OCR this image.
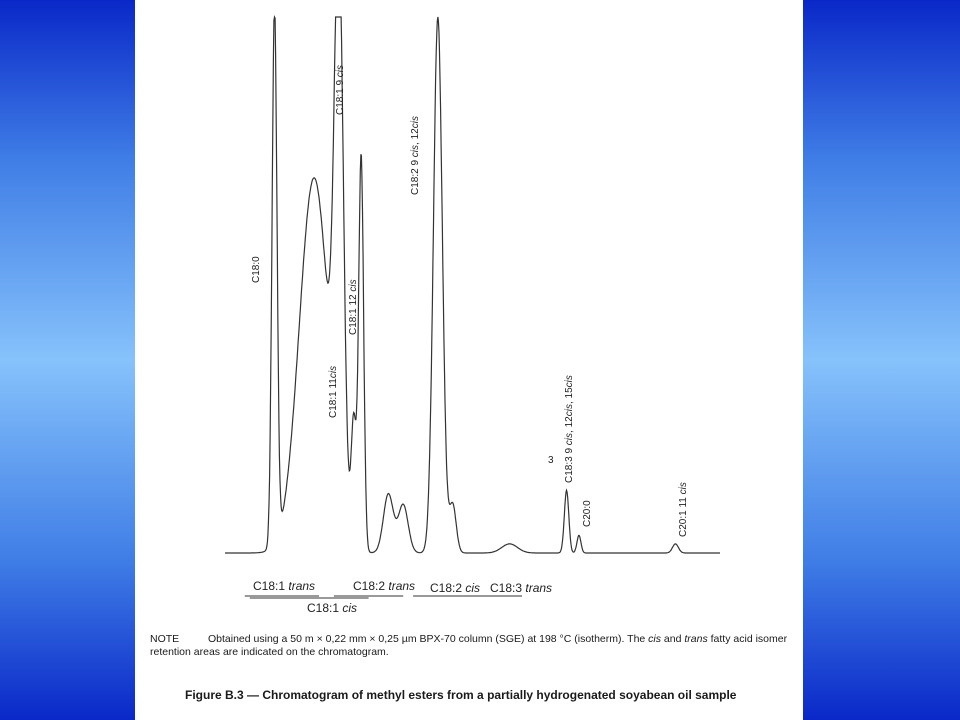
C18:0
C18:1 9 cis
C18:1 11cis
C18:1 12 cis
C18:2 9 cis, 12cis
C18:3 9 cis, 12cis, 15cis
3
C20:0	C20:1 11 cis
C18:1 trans	C18:2 trans
C18:1 cis
C18:2 cis C18:3 trans
NOTE	Obtained using a 50 m × 0,22 mm × 0,25 µm BPX-70 column (SGE) at 198 °C (isotherm). The cis and trans fatty acid isomer retention areas are indicated on the chromatogram.
Figure B.3 — Chromatogram of methyl esters from a partially hydrogenated soyabean oil sample
